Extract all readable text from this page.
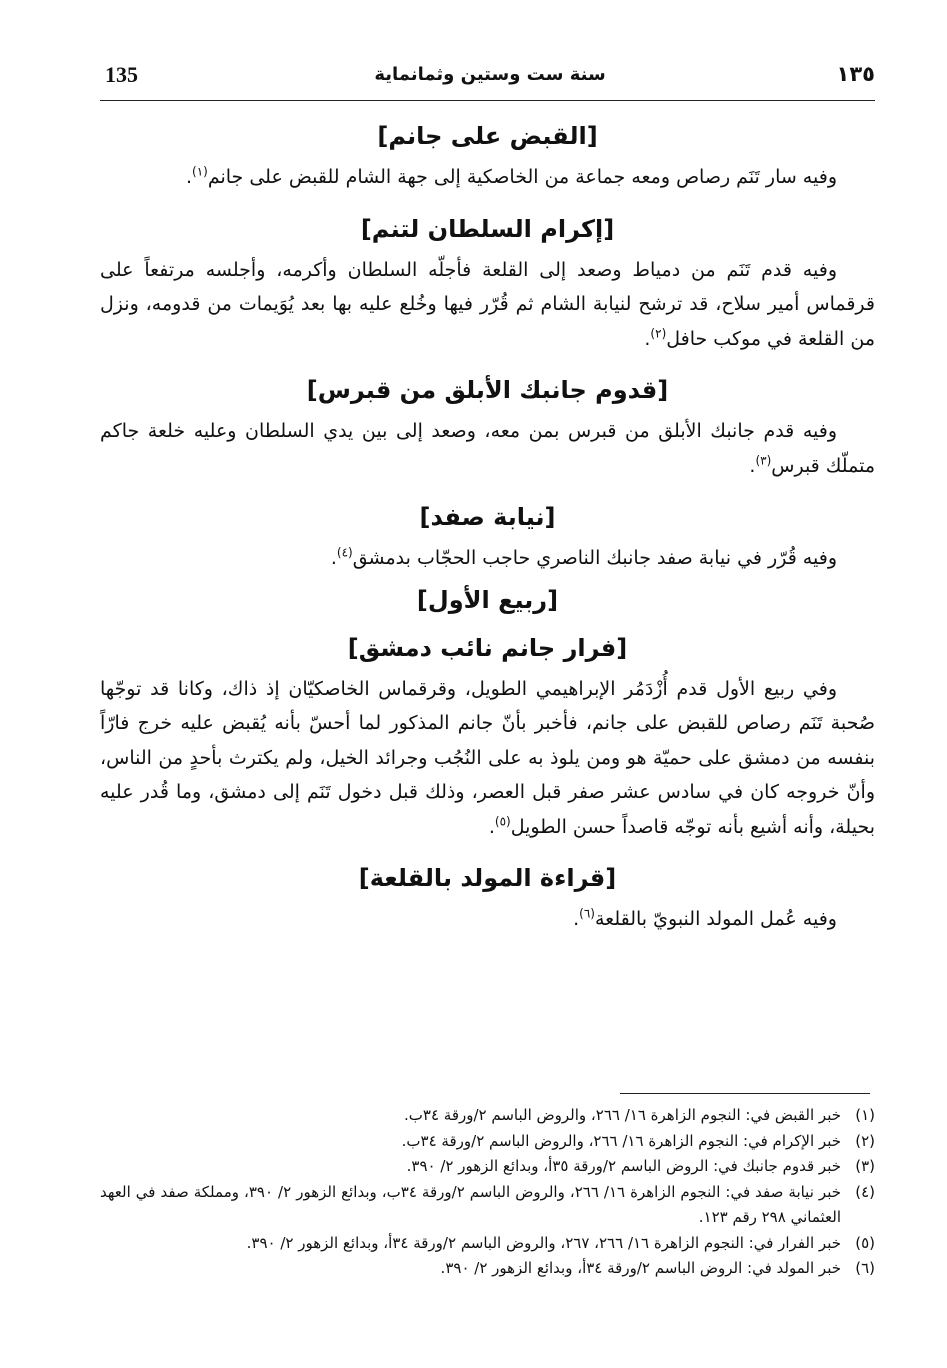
135	سنة ست وستين وثمانماية	١٣٥
[القبض على جانم]

وفيه سار تَنَم رصاص ومعه جماعة من الخاصكية إلى جهة الشام للقبض على جانم$^{(١)}$.

[إكرام السلطان لتنم]

وفيه قدم تَنَم من دمياط وصعد إلى القلعة فأجلّه السلطان وأكرمه، وأجلسه مرتفعاً على قرقماس أمير سلاح، قد ترشح لنيابة الشام ثم قُرّر فيها وخُلع عليه بها بعد يُوَيمات من قدومه، ونزل من القلعة في موكب حافل$^{(٢)}$.

[قدوم جانبك الأبلق من قبرس]

وفيه قدم جانبك الأبلق من قبرس بمن معه، وصعد إلى بين يدي السلطان وعليه خلعة جاكم متملّك قبرس$^{(٣)}$.

[نيابة صفد]

وفيه قُرّر في نيابة صفد جانبك الناصري حاجب الحجّاب بدمشق$^{(٤)}$.

[ربيع الأول]
[فرار جانم نائب دمشق]

وفي ربيع الأول قدم أُزْدَمُر الإبراهيمي الطويل، وقرقماس الخاصكيّان إذ ذاك، وكانا قد توجّها صُحبة تَنَم رصاص للقبض على جانم، فأخبر بأنّ جانم المذكور لما أحسّ بأنه يُقبض عليه خرج فارّاً بنفسه من دمشق على حميّة هو ومن يلوذ به على النُجُب وجرائد الخيل، ولم يكترث بأحدٍ من الناس، وأنّ خروجه كان في سادس عشر صفر قبل العصر، وذلك قبل دخول تَنَم إلى دمشق، وما قُدر عليه بحيلة، وأنه أشيع بأنه توجّه قاصداً حسن الطويل$^{(٥)}$.

[قراءة المولد بالقلعة]

وفيه عُمل المولد النبويّ بالقلعة$^{(٦)}$.

(١)
خبر القبض في: النجوم الزاهرة ١٦/ ٢٦٦، والروض الباسم ٢/ورقة ٣٤ب.
(٢)
خبر الإكرام في: النجوم الزاهرة ١٦/ ٢٦٦، والروض الباسم ٢/ورقة ٣٤ب.
(٣)
خبر قدوم جانبك في: الروض الباسم ٢/ورقة ٣٥أ، وبدائع الزهور ٢/ ٣٩٠.
(٤)
خبر نيابة صفد في: النجوم الزاهرة ١٦/ ٢٦٦، والروض الباسم ٢/ورقة ٣٤ب، وبدائع الزهور ٢/ ٣٩٠، ومملكة صفد في العهد العثماني ٢٩٨ رقم ١٢٣.
(٥)
خبر الفرار في: النجوم الزاهرة ١٦/ ٢٦٦، ٢٦٧، والروض الباسم ٢/ورقة ٣٤أ، وبدائع الزهور ٢/ ٣٩٠.
(٦)
خبر المولد في: الروض الباسم ٢/ورقة ٣٤أ، وبدائع الزهور ٢/ ٣٩٠.
